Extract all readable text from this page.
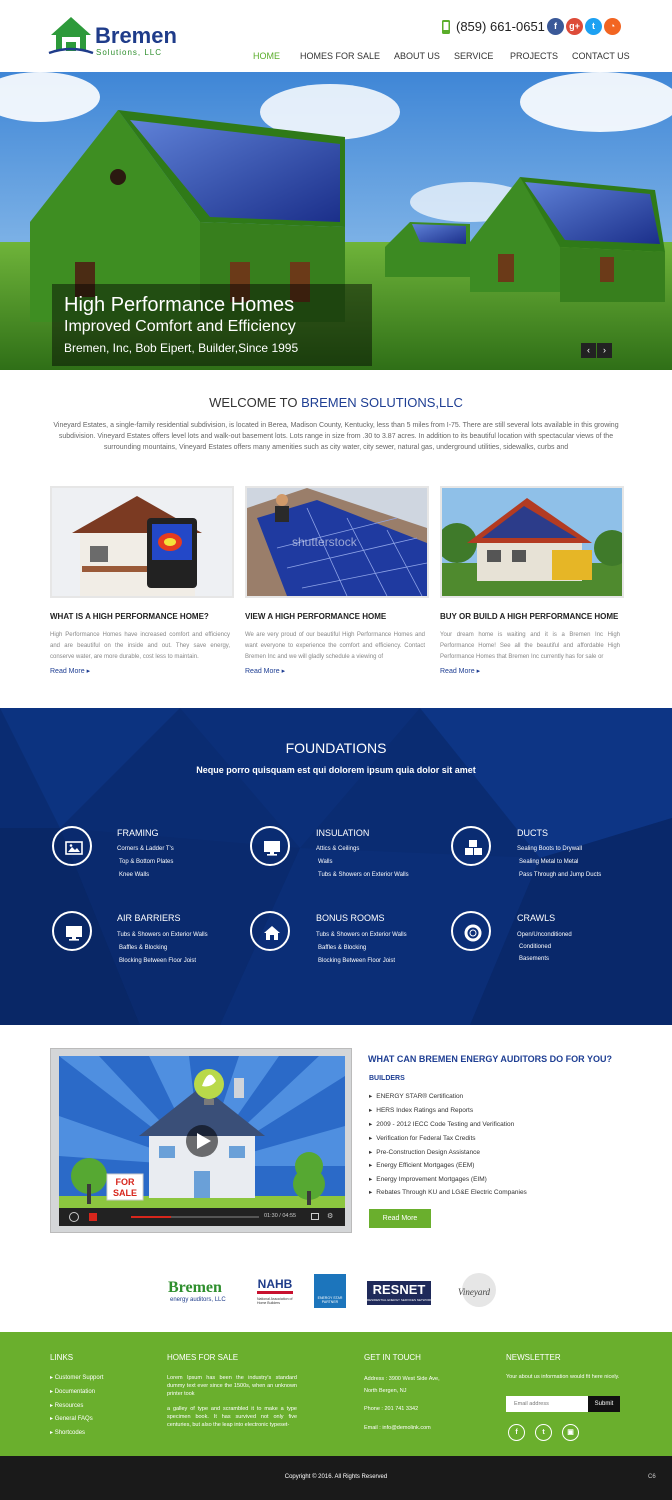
Bremen
Solutions, LLC
(859) 661-0651	f	g+	t	◔
HOME HOMES FOR SALE ABOUT US SERVICE PROJECTS CONTACT US
High Performance Homes
Improved Comfort and Efficiency
Bremen, Inc, Bob Eipert, Builder,Since 1995	‹	›
WELCOME TO BREMEN SOLUTIONS,LLC
Vineyard Estates, a single-family residential subdivision, is located in Berea, Madison County, Kentucky, less than 5 miles from I-75. There are still several lots available in this growing subdivision. Vineyard Estates offers level lots and walk-out basement lots. Lots range in size from .30 to 3.87 acres. In addition to its beautiful location with spectacular views of the surrounding mountains, Vineyard Estates offers many amenities such as city water, city sewer, natural gas, underground utilities, sidewalks, curbs and
WHAT IS A HIGH PERFORMANCE HOME?
High Performance Homes have increased comfort and efficiency and are beautiful on the inside and out. They save energy, conserve water, are more durable, cost less to maintain.
Read More ▸
shutterstock
VIEW A HIGH PERFORMANCE HOME
We are very proud of our beautiful High Performance Homes and want everyone to experience the comfort and efficiency. Contact Bremen Inc and we will gladly schedule a viewing of
Read More ▸
BUY OR BUILD A HIGH PERFORMANCE HOME
Your dream home is waiting and it is a Bremen Inc High Performance Home! See all the beautiful and affordable High Performance Homes that Bremen Inc currently has for sale or
Read More ▸
FOUNDATIONS
Neque porro quisquam est qui dolorem ipsum quia dolor sit amet
FRAMING
Corners & Ladder T's
Top & Bottom Plates
Knee Walls
INSULATION
Attics & Ceilings
Walls
Tubs & Showers on Exterior Walls
DUCTS
Sealing Boots to Drywall
Sealing Metal to Metal
Pass Through and Jump Ducts
AIR BARRIERS
Tubs & Showers on Exterior Walls
Baffles & Blocking
Blocking Between Floor Joist
BONUS ROOMS
Tubs & Showers on Exterior Walls
Baffles & Blocking
Blocking Between Floor Joist
CRAWLS
Open/Unconditioned
Conditioned
Basements
FOR
SALE
01:30 / 04:55	⚙
WHAT CAN BREMEN ENERGY AUDITORS DO FOR YOU?
BUILDERS
▸ ENERGY STAR® Certification
▸ HERS Index Ratings and Reports
▸ 2009 - 2012 IECC Code Testing and Verification
▸ Verification for Federal Tax Credits
▸ Pre-Construction Design Assistance
▸ Energy Efficient Mortgages (EEM)
▸ Energy Improvement Mortgages (EIM)
▸ Rebates Through KU and LG&E Electric Companies
Read More
Bremen
energy auditors, LLC
NAHB
National Association of Home Builders
ENERGY STAR PARTNER
RESNET
RESIDENTIAL ENERGY SERVICES NETWORK
Vineyard
LINKS
▸ Customer Support
▸ Documentation
▸ Resources
▸ General FAQs
▸ Shortcodes
HOMES FOR SALE
Lorem Ipsum has been the industry's standard dummy text ever since the 1500s, when an unknown printer took
a galley of type and scrambled it to make a type specimen book. It has survived not only five centuries, but also the leap into electronic typeset-
GET IN TOUCH
Address : 3900 West Side Ave,
North Bergen, NJ
Phone : 201 741 3342
Email : info@demolink.com
NEWSLETTER
Your about us information would fit here nicely.
Email address	Submit
f	t	▣
Copyright © 2016. All Rights Reserved	C6
